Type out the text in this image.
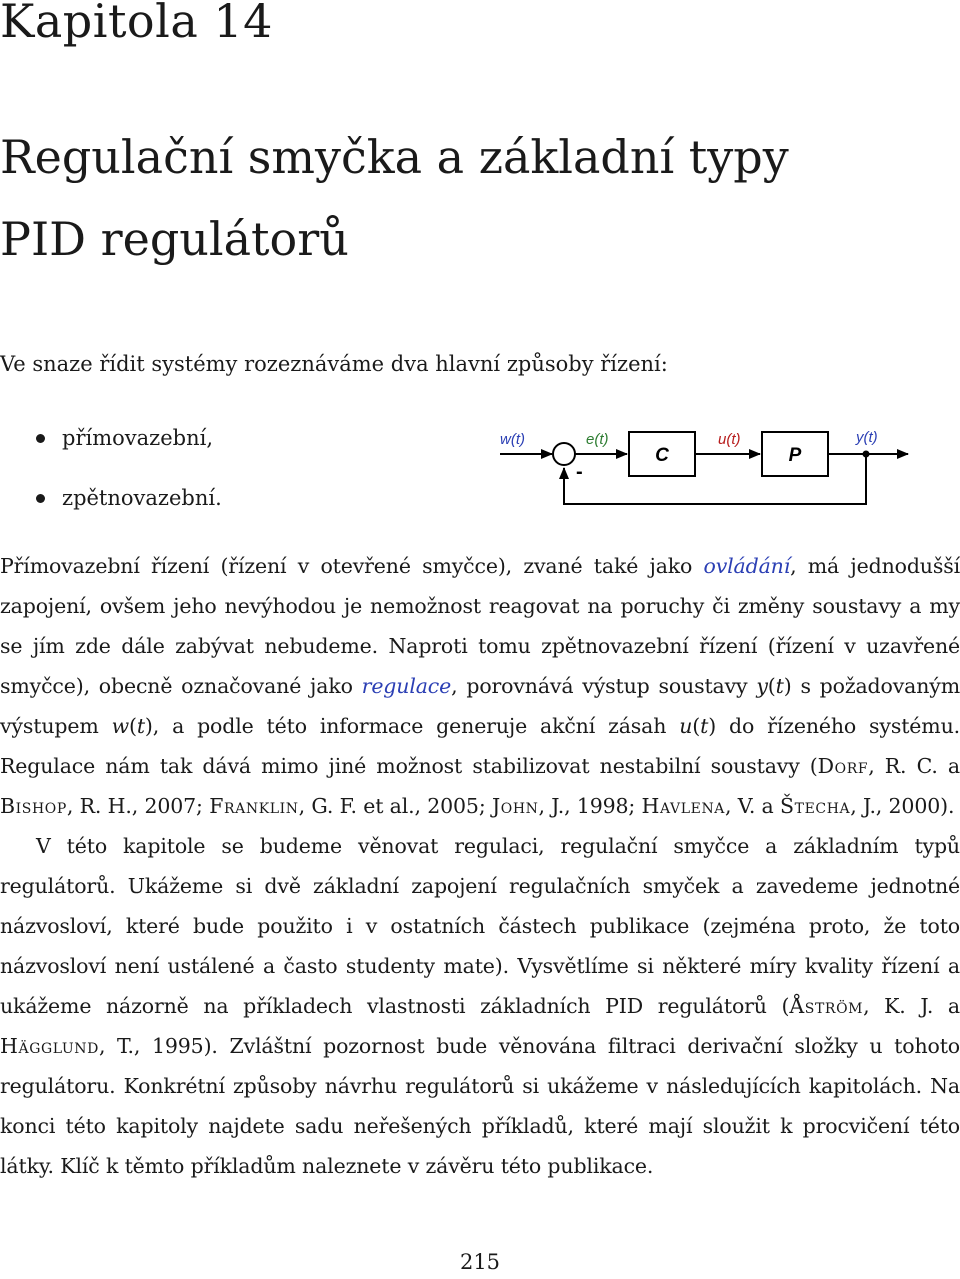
Kapitola 14
Regulační smyčka a základní typy
PID regulátorů

Ve snaze řídit systémy rozeznáváme dva hlavní způsoby řízení:

přímovazební,
zpětnovazební.
w(t)	e(t)	u(t)	y(t)
C	P
-

Přímovazební řízení (řízení v otevřené smyčce), zvané také jako ovládání, má jednodušší zapojení, ovšem jeho nevýhodou je nemožnost reagovat na poruchy či změny soustavy a my se jím zde dále zabývat nebudeme. Naproti tomu zpětnovazební řízení (řízení v uzavřené smyčce), obecně označované jako regulace, porovnává výstup soustavy y(t) s požadovaným výstupem w(t), a podle této informace generuje akční zásah u(t) do řízeného systému. Regulace nám tak dává mimo jiné možnost stabilizovat nestabilní soustavy (Dorf, R. C. a Bishop, R. H., 2007; Franklin, G. F. et al., 2005; John, J., 1998; Havlena, V. a Štecha, J., 2000).

V této kapitole se budeme věnovat regulaci, regulační smyčce a základním typů regulátorů. Ukážeme si dvě základní zapojení regulačních smyček a zavedeme jednotné názvosloví, které bude použito i v ostatních částech publikace (zejména proto, že toto názvosloví není ustálené a často studenty mate). Vysvětlíme si některé míry kvality řízení a ukážeme názorně na příkladech vlastnosti základních PID regulátorů (Åström, K. J. a Hägglund, T., 1995). Zvláštní pozornost bude věnována filtraci derivační složky u tohoto regulátoru. Konkrétní způsoby návrhu regulátorů si ukážeme v následujících kapitolách. Na konci této kapitoly najdete sadu neřešených příkladů, které mají sloužit k procvičení této látky. Klíč k těmto příkladům naleznete v závěru této publikace.

215
